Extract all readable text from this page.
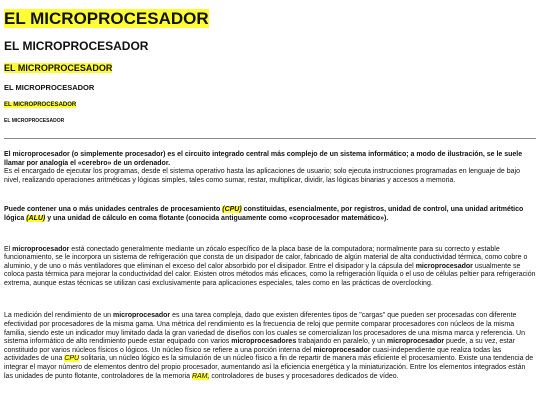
EL MICROPROCESADOR
EL MICROPROCESADOR
EL MICROPROCESADOR
EL MICROPROCESADOR
EL MICROPROCESADOR
EL MICROPROCESADOR

El microprocesador (o simplemente procesador) es el circuito integrado central más complejo de un sistema informático; a modo de ilustración, se le suele llamar por analogía el «cerebro» de un ordenador.
Es el encargado de ejecutar los programas, desde el sistema operativo hasta las aplicaciones de usuario; solo ejecuta instrucciones programadas en lenguaje de bajo nivel, realizando operaciones aritméticas y lógicas simples, tales como sumar, restar, multiplicar, dividir, las lógicas binarias y accesos a memoria.

Puede contener una o más unidades centrales de procesamiento (CPU) constituidas, esencialmente, por registros, unidad de control, una unidad aritmético lógica (ALU) y una unidad de cálculo en coma flotante (conocida antiguamente como «coprocesador matemático»).

El microprocesador está conectado generalmente mediante un zócalo específico de la placa base de la computadora; normalmente para su correcto y estable funcionamiento, se le incorpora un sistema de refrigeración que consta de un disipador de calor, fabricado de algún material de alta conductividad térmica, como cobre o aluminio, y de uno o más ventiladores que eliminan el exceso del calor absorbido por el disipador. Entre el disipador y la cápsula del microprocesador usualmente se coloca pasta térmica para mejorar la conductividad del calor. Existen otros métodos más eficaces, como la refrigeración líquida o el uso de células peltier para refrigeración extrema, aunque estas técnicas se utilizan casi exclusivamente para aplicaciones especiales, tales como en las prácticas de overclocking.

La medición del rendimiento de un microprocesador es una tarea compleja, dado que existen diferentes tipos de "cargas" que pueden ser procesadas con diferente efectividad por procesadores de la misma gama. Una métrica del rendimiento es la frecuencia de reloj que permite comparar procesadores con núcleos de la misma familia, siendo este un indicador muy limitado dada la gran variedad de diseños con los cuales se comercializan los procesadores de una misma marca y referencia. Un sistema informático de alto rendimiento puede estar equipado con varios microprocesadores trabajando en paralelo, y un microprocesador puede, a su vez, estar constituido por varios núcleos físicos o lógicos. Un núcleo físico se refiere a una porción interna del microprocesador cuasi-independiente que realiza todas las actividades de una CPU solitaria, un núcleo lógico es la simulación de un núcleo físico a fin de repartir de manera más eficiente el procesamiento. Existe una tendencia de integrar el mayor número de elementos dentro del propio procesador, aumentando así la eficiencia energética y la miniaturización. Entre los elementos integrados están las unidades de punto flotante, controladores de la memoria RAM, controladores de buses y procesadores dedicados de vídeo.
